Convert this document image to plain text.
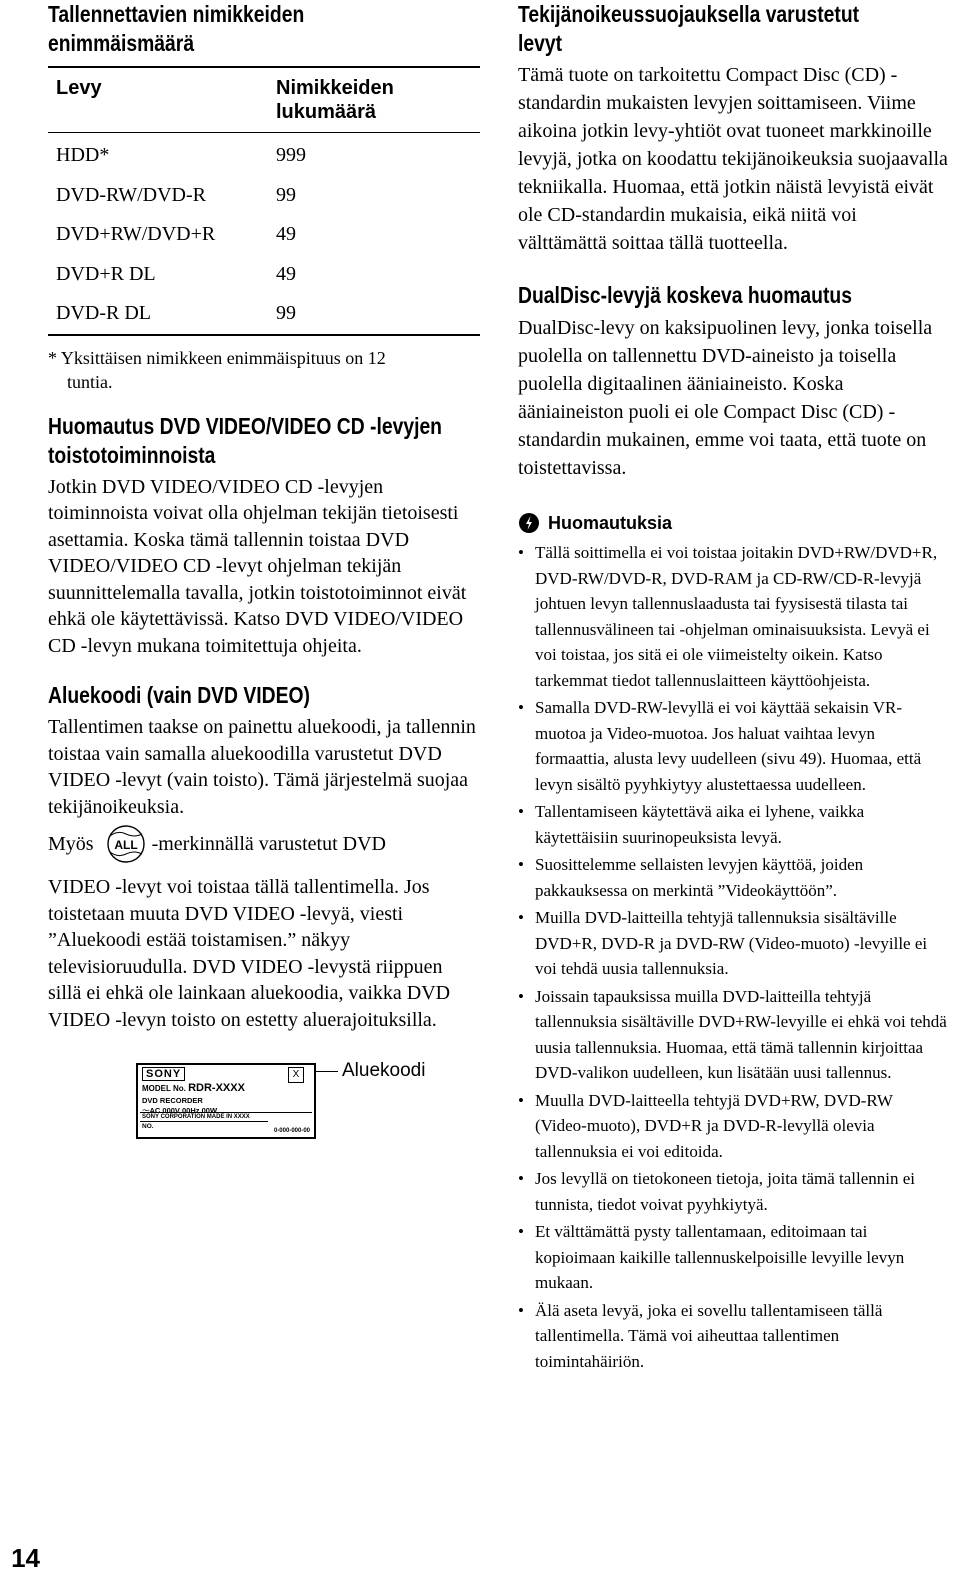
Tallennettavien nimikkeiden
enimmäismäärä
Levy	Nimikkeiden lukumäärä
HDD*	999
DVD-RW/DVD-R	99
DVD+RW/DVD+R	49
DVD+R DL	49
DVD-R DL	99

* Yksittäisen nimikkeen enimmäispituus on 12
tuntia.

Huomautus DVD VIDEO/VIDEO CD -levyjen
toistotoiminnoista

Jotkin DVD VIDEO/VIDEO CD -levyjen toiminnoista voivat olla ohjelman tekijän tietoisesti asettamia. Koska tämä tallennin toistaa DVD VIDEO/VIDEO CD -levyt ohjelman tekijän suunnittelemalla tavalla, jotkin toistotoiminnot eivät ehkä ole käytettävissä. Katso DVD VIDEO/VIDEO CD -levyn mukana toimitettuja ohjeita.

Aluekoodi (vain DVD VIDEO)

Tallentimen taakse on painettu aluekoodi, ja tallennin toistaa vain samalla aluekoodilla varustetut DVD VIDEO -levyt (vain toisto). Tämä järjestelmä suojaa tekijänoikeuksia.

Myös ALL -merkinnällä varustetut DVD

VIDEO -levyt voi toistaa tällä tallentimella. Jos toistetaan muuta DVD VIDEO -levyä, viesti ”Aluekoodi estää toistamisen.” näkyy televisioruudulla. DVD VIDEO -levystä riippuen sillä ei ehkä ole lainkaan aluekoodia, vaikka DVD VIDEO -levyn toisto on estetty aluerajoituksilla.

SONY	X
MODEL No. RDR-XXXX
DVD RECORDER
～AC 000V 00Hz 00W
SONY CORPORATION MADE IN XXXX
NO.
0-000-000-00
Aluekoodi
Tekijänoikeussuojauksella varustetut
levyt

Tämä tuote on tarkoitettu Compact Disc (CD) -standardin mukaisten levyjen soittamiseen. Viime aikoina jotkin levy-yhtiöt ovat tuoneet markkinoille levyjä, jotka on koodattu tekijänoikeuksia suojaavalla tekniikalla. Huomaa, että jotkin näistä levyistä eivät ole CD-standardin mukaisia, eikä niitä voi välttämättä soittaa tällä tuotteella.

DualDisc-levyjä koskeva huomautus

DualDisc-levy on kaksipuolinen levy, jonka toisella puolella on tallennettu DVD-aineisto ja toisella puolella digitaalinen ääniaineisto. Koska ääniaineiston puoli ei ole Compact Disc (CD) -standardin mukainen, emme voi taata, että tuote on toistettavissa.

Huomautuksia
• Tällä soittimella ei voi toistaa joitakin DVD+RW/DVD+R, DVD-RW/DVD-R, DVD-RAM ja CD-RW/CD-R-levyjä johtuen levyn tallennuslaadusta tai fyysisestä tilasta tai tallennusvälineen tai -ohjelman ominaisuuksista. Levyä ei voi toistaa, jos sitä ei ole viimeistelty oikein. Katso tarkemmat tiedot tallennuslaitteen käyttöohjeista.
• Samalla DVD-RW-levyllä ei voi käyttää sekaisin VR-muotoa ja Video-muotoa. Jos haluat vaihtaa levyn formaattia, alusta levy uudelleen (sivu 49). Huomaa, että levyn sisältö pyyhkiytyy alustettaessa uudelleen.
• Tallentamiseen käytettävä aika ei lyhene, vaikka käytettäisiin suurinopeuksista levyä.
• Suosittelemme sellaisten levyjen käyttöä, joiden pakkauksessa on merkintä ”Videokäyttöön”.
• Muilla DVD-laitteilla tehtyjä tallennuksia sisältäville DVD+R, DVD-R ja DVD-RW (Video-muoto) -levyille ei voi tehdä uusia tallennuksia.
• Joissain tapauksissa muilla DVD-laitteilla tehtyjä tallennuksia sisältäville DVD+RW-levyille ei ehkä voi tehdä uusia tallennuksia. Huomaa, että tämä tallennin kirjoittaa DVD-valikon uudelleen, kun lisätään uusi tallennus.
• Muulla DVD-laitteella tehtyjä DVD+RW, DVD-RW (Video-muoto), DVD+R ja DVD-R-levyllä olevia tallennuksia ei voi editoida.
• Jos levyllä on tietokoneen tietoja, joita tämä tallennin ei tunnista, tiedot voivat pyyhkiytyä.
• Et välttämättä pysty tallentamaan, editoimaan tai kopioimaan kaikille tallennuskelpoisille levyille levyn mukaan.
• Älä aseta levyä, joka ei sovellu tallentamiseen tällä tallentimella. Tämä voi aiheuttaa tallentimen toimintahäiriön.
14
